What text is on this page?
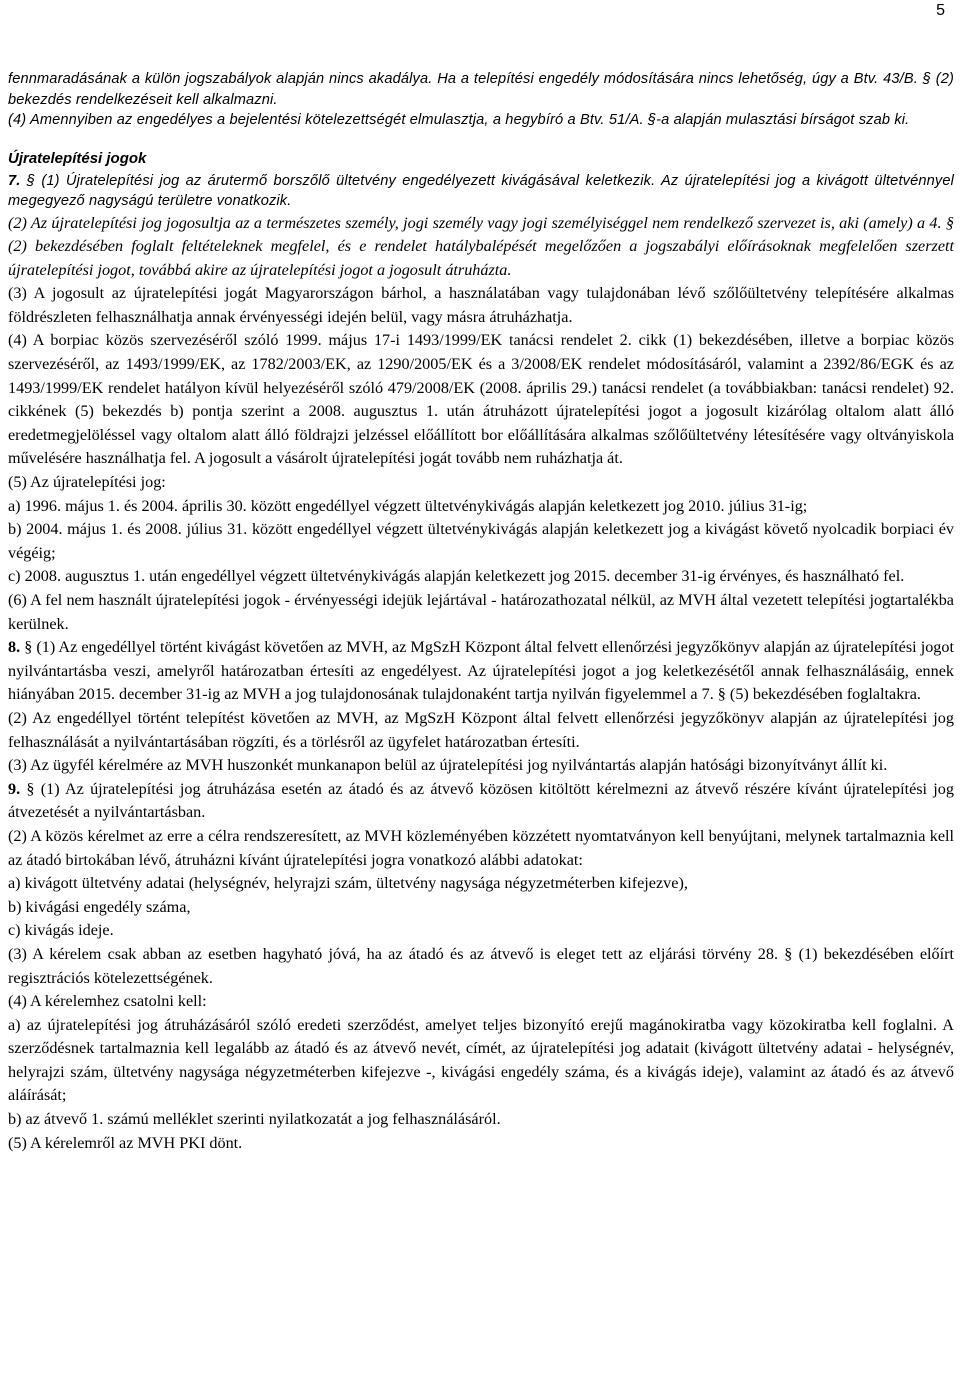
5

fennmaradásának a külön jogszabályok alapján nincs akadálya. Ha a telepítési engedély módosítására nincs lehetőség, úgy a Btv. 43/B. § (2) bekezdés rendelkezéseit kell alkalmazni.

(4) Amennyiben az engedélyes a bejelentési kötelezettségét elmulasztja, a hegybíró a Btv. 51/A. §-a alapján mulasztási bírságot szab ki.

Újratelepítési jogok

7. § (1) Újratelepítési jog az árutermő borszőlő ültetvény engedélyezett kivágásával keletkezik. Az újratelepítési jog a kivágott ültetvénnyel megegyező nagyságú területre vonatkozik.

(2) Az újratelepítési jog jogosultja az a természetes személy, jogi személy vagy jogi személyiséggel nem rendelkező szervezet is, aki (amely) a 4. § (2) bekezdésében foglalt feltételeknek megfelel, és e rendelet hatálybalépését megelőzően a jogszabályi előírásoknak megfelelően szerzett újratelepítési jogot, továbbá akire az újratelepítési jogot a jogosult átruházta.

(3) A jogosult az újratelepítési jogát Magyarországon bárhol, a használatában vagy tulajdonában lévő szőlőültetvény telepítésére alkalmas földrészleten felhasználhatja annak érvényességi idején belül, vagy másra átruházhatja.

(4) A borpiac közös szervezéséről szóló 1999. május 17-i 1493/1999/EK tanácsi rendelet 2. cikk (1) bekezdésében, illetve a borpiac közös szervezéséről, az 1493/1999/EK, az 1782/2003/EK, az 1290/2005/EK és a 3/2008/EK rendelet módosításáról, valamint a 2392/86/EGK és az 1493/1999/EK rendelet hatályon kívül helyezéséről szóló 479/2008/EK (2008. április 29.) tanácsi rendelet (a továbbiakban: tanácsi rendelet) 92. cikkének (5) bekezdés b) pontja szerint a 2008. augusztus 1. után átruházott újratelepítési jogot a jogosult kizárólag oltalom alatt álló eredetmegjelöléssel vagy oltalom alatt álló földrajzi jelzéssel előállított bor előállítására alkalmas szőlőültetvény létesítésére vagy oltványiskola művelésére használhatja fel. A jogosult a vásárolt újratelepítési jogát tovább nem ruházhatja át.

(5) Az újratelepítési jog:

a) 1996. május 1. és 2004. április 30. között engedéllyel végzett ültetvénykivágás alapján keletkezett jog 2010. július 31-ig;

b) 2004. május 1. és 2008. július 31. között engedéllyel végzett ültetvénykivágás alapján keletkezett jog a kivágást követő nyolcadik borpiaci év végéig;

c) 2008. augusztus 1. után engedéllyel végzett ültetvénykivágás alapján keletkezett jog 2015. december 31-ig érvényes, és használható fel.

(6) A fel nem használt újratelepítési jogok - érvényességi idejük lejártával - határozathozatal nélkül, az MVH által vezetett telepítési jogtartalékba kerülnek.

8. § (1) Az engedéllyel történt kivágást követően az MVH, az MgSzH Központ által felvett ellenőrzési jegyzőkönyv alapján az újratelepítési jogot nyilvántartásba veszi, amelyről határozatban értesíti az engedélyest. Az újratelepítési jogot a jog keletkezésétől annak felhasználásáig, ennek hiányában 2015. december 31-ig az MVH a jog tulajdonosának tulajdonaként tartja nyilván figyelemmel a 7. § (5) bekezdésében foglaltakra.

(2) Az engedéllyel történt telepítést követően az MVH, az MgSzH Központ által felvett ellenőrzési jegyzőkönyv alapján az újratelepítési jog felhasználását a nyilvántartásában rögzíti, és a törlésről az ügyfelet határozatban értesíti.

(3) Az ügyfél kérelmére az MVH huszonkét munkanapon belül az újratelepítési jog nyilvántartás alapján hatósági bizonyítványt állít ki.

9. § (1) Az újratelepítési jog átruházása esetén az átadó és az átvevő közösen kitöltött kérelmezni az átvevő részére kívánt újratelepítési jog átvezetését a nyilvántartásban.

(2) A közös kérelmet az erre a célra rendszeresített, az MVH közleményében közzétett nyomtatványon kell benyújtani, melynek tartalmaznia kell az átadó birtokában lévő, átruházni kívánt újratelepítési jogra vonatkozó alábbi adatokat:

a) kivágott ültetvény adatai (helységnév, helyrajzi szám, ültetvény nagysága négyzetméterben kifejezve),

b) kivágási engedély száma,

c) kivágás ideje.

(3) A kérelem csak abban az esetben hagyható jóvá, ha az átadó és az átvevő is eleget tett az eljárási törvény 28. § (1) bekezdésében előírt regisztrációs kötelezettségének.

(4) A kérelemhez csatolni kell:

a) az újratelepítési jog átruházásáról szóló eredeti szerződést, amelyet teljes bizonyító erejű magánokiratba vagy közokiratba kell foglalni. A szerződésnek tartalmaznia kell legalább az átadó és az átvevő nevét, címét, az újratelepítési jog adatait (kivágott ültetvény adatai - helységnév, helyrajzi szám, ültetvény nagysága négyzetméterben kifejezve -, kivágási engedély száma, és a kivágás ideje), valamint az átadó és az átvevő aláírását;

b) az átvevő 1. számú melléklet szerinti nyilatkozatát a jog felhasználásáról.

(5) A kérelemről az MVH PKI dönt.
